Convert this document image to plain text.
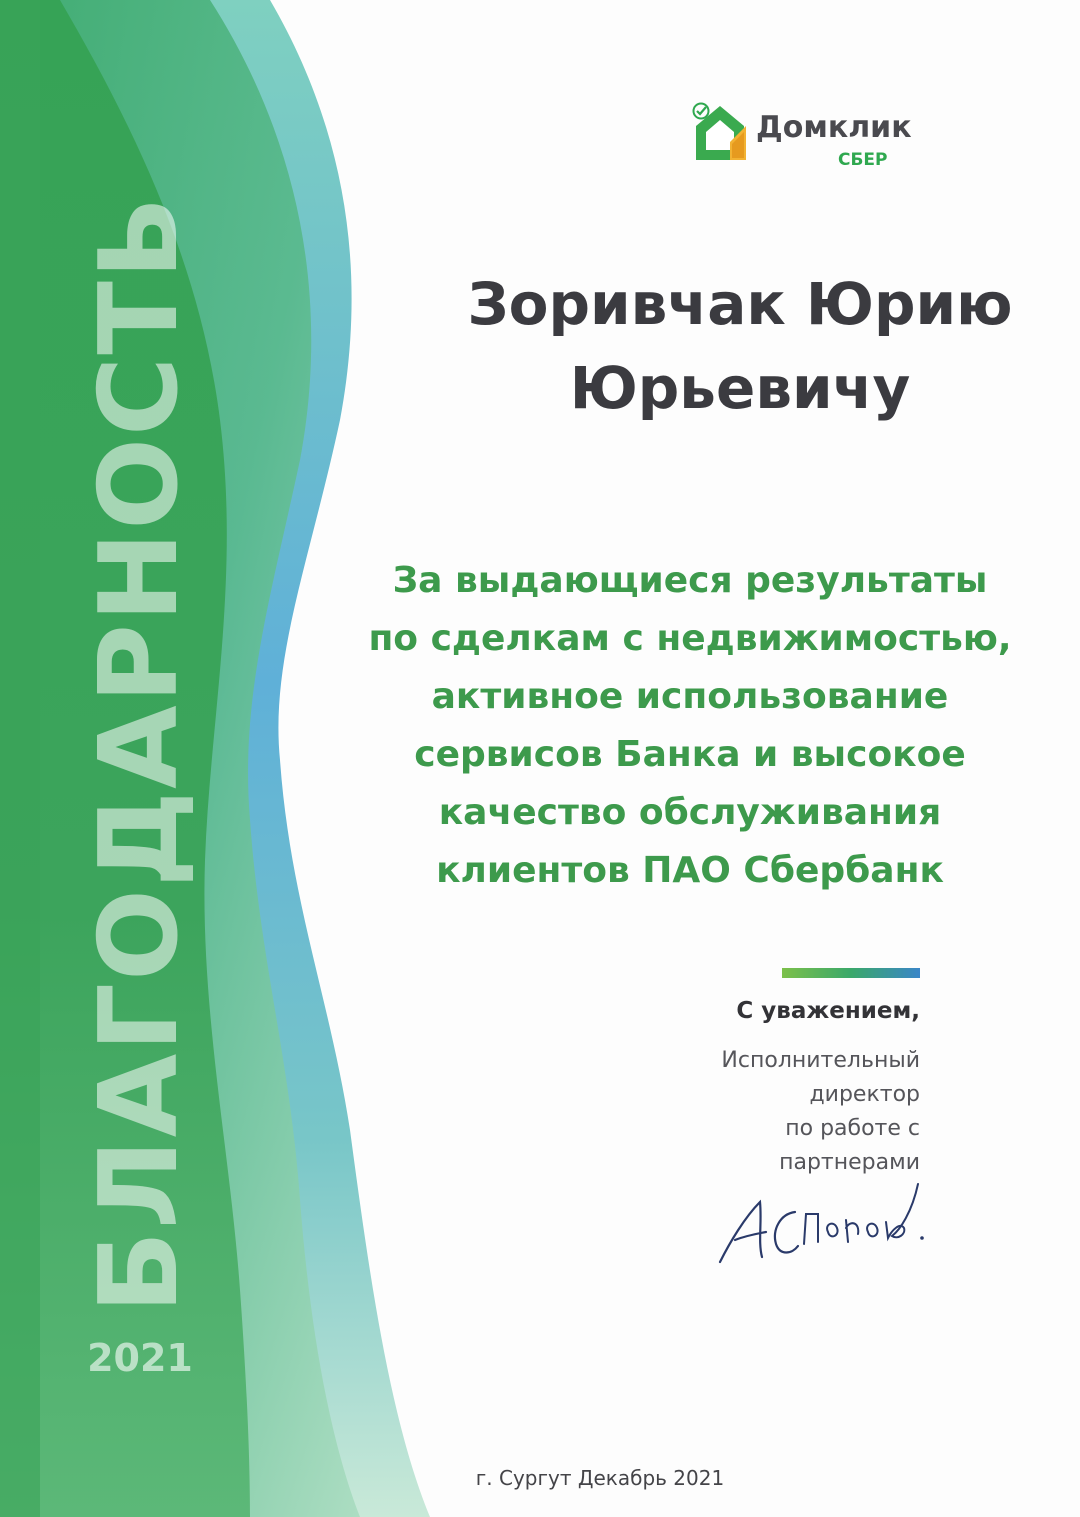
БЛАГОДАРНОСТЬ
2021
Домклик
СБЕР
Зоривчак Юрию
Юрьевичу
За выдающиеся результаты
по сделкам с недвижимостью,
активное использование
сервисов Банка и высокое
качество обслуживания
клиентов ПАО Сбербанк
С уважением,
Исполнительный
директор
по работе с
партнерами
г. Сургут Декабрь 2021
